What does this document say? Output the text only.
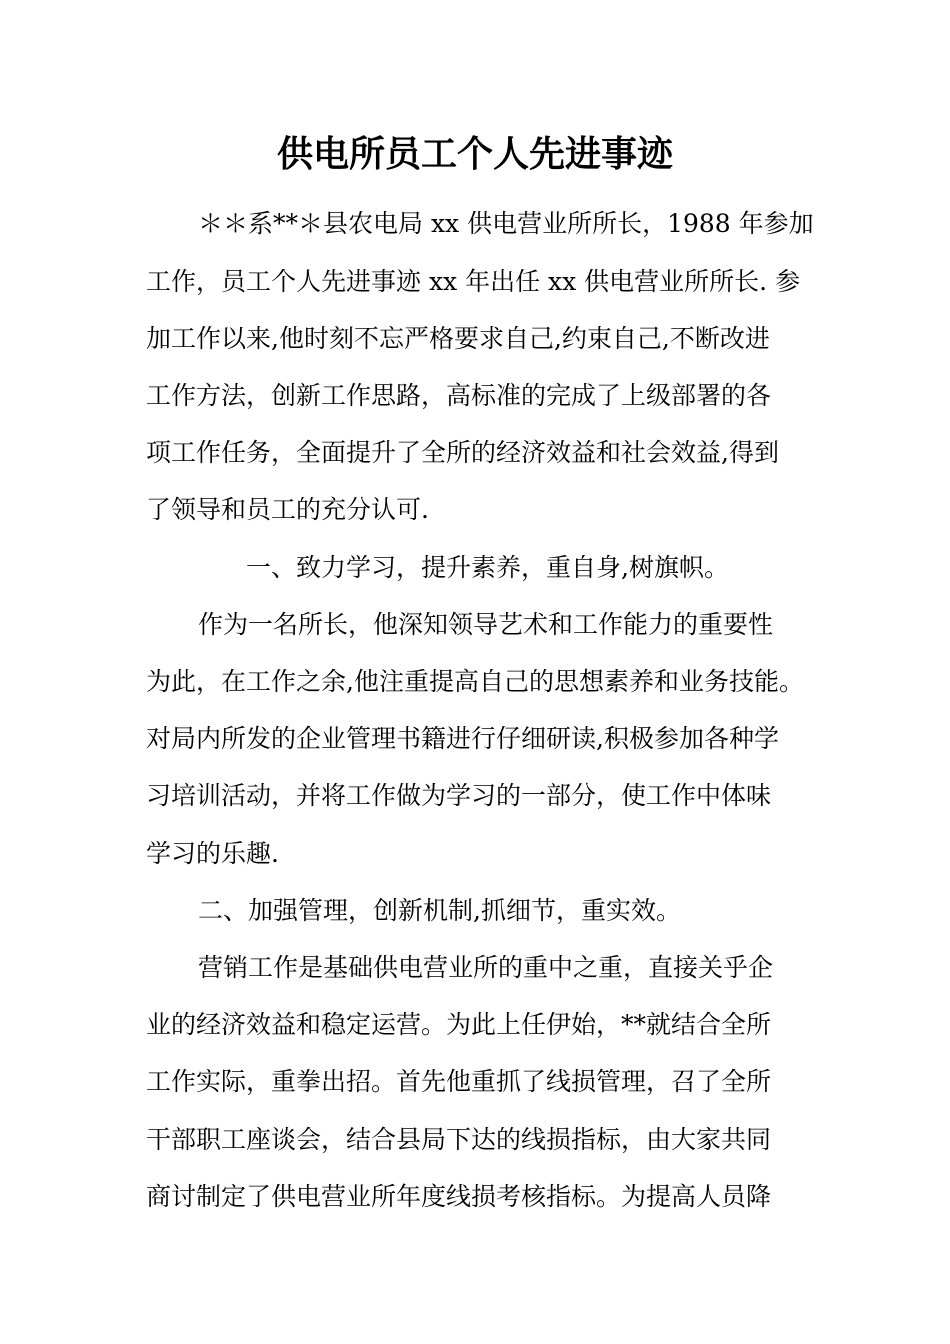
供电所员工个人先进事迹
＊＊系**＊县农电局 xx 供电营业所所长，1988 年参加
工作，员工个人先进事迹 xx 年出任 xx 供电营业所所长. 参
加工作以来,他时刻不忘严格要求自己,约束自己,不断改进
工作方法，创新工作思路，高标准的完成了上级部署的各
项工作任务，全面提升了全所的经济效益和社会效益,得到
了领导和员工的充分认可.
一、致力学习，提升素养，重自身,树旗帜。
作为一名所长，他深知领导艺术和工作能力的重要性
为此，在工作之余,他注重提高自己的思想素养和业务技能。
对局内所发的企业管理书籍进行仔细研读,积极参加各种学
习培训活动，并将工作做为学习的一部分，使工作中体味
学习的乐趣.
二、加强管理，创新机制,抓细节，重实效。
营销工作是基础供电营业所的重中之重，直接关乎企
业的经济效益和稳定运营。为此上任伊始，**就结合全所
工作实际，重拳出招。首先他重抓了线损管理，召了全所
干部职工座谈会，结合县局下达的线损指标，由大家共同
商讨制定了供电营业所年度线损考核指标。为提高人员降
